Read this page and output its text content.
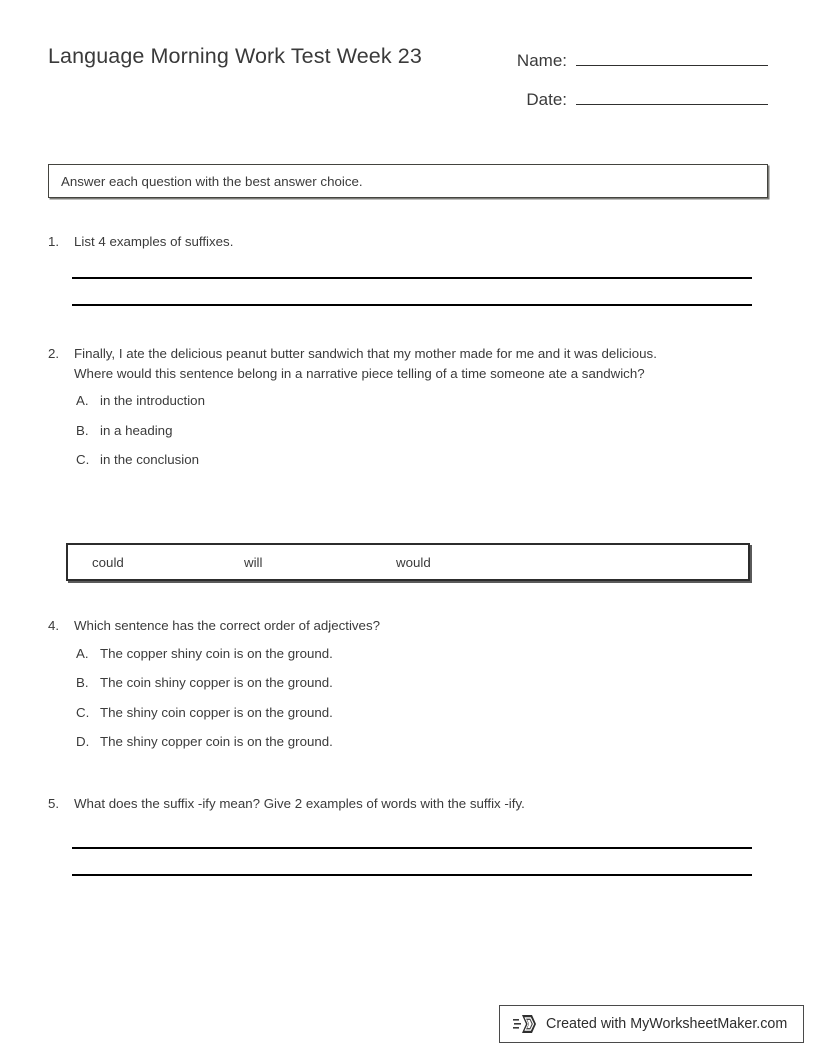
Language Morning Work Test Week 23	Name:
Date:
Answer each question with the best answer choice.
1.	List 4 examples of suffixes.
2.	Finally, I ate the delicious peanut butter sandwich that my mother made for me and it was delicious.
Where would this sentence belong in a narrative piece telling of a time someone ate a sandwich?
A. in the introduction
B. in a heading
C. in the conclusion
could	will	would
4.	Which sentence has the correct order of adjectives?
A. The copper shiny coin is on the ground.
B. The coin shiny copper is on the ground.
C. The shiny coin copper is on the ground.
D. The shiny copper coin is on the ground.
5.	What does the suffix -ify mean? Give 2 examples of words with the suffix -ify.
Created with MyWorksheetMaker.com
